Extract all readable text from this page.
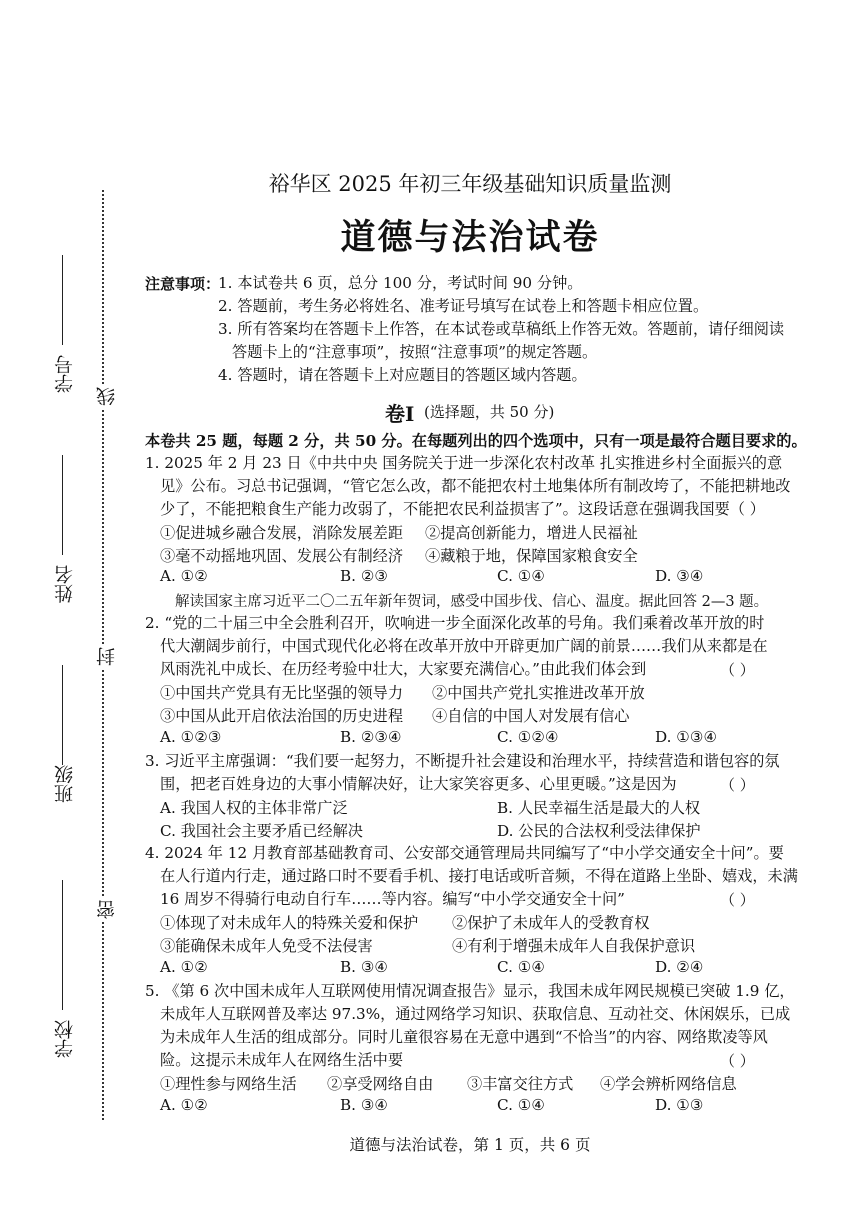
学号
姓名
班级
学校
线
封
密
裕华区 2025 年初三年级基础知识质量监测
道德与法治试卷
注意事项：
1. 本试卷共 6 页，总分 100 分，考试时间 90 分钟。
2. 答题前，考生务必将姓名、准考证号填写在试卷上和答题卡相应位置。
3. 所有答案均在答题卡上作答，在本试卷或草稿纸上作答无效。答题前，请仔细阅读
答题卡上的“注意事项”，按照“注意事项”的规定答题。
4. 答题时，请在答题卡上对应题目的答题区域内答题。
卷Ⅰ (选择题，共 50 分)
本卷共 25 题，每题 2 分，共 50 分。在每题列出的四个选项中，只有一项是最符合题目要求的。
1. 2025 年 2 月 23 日《中共中央 国务院关于进一步深化农村改革 扎实推进乡村全面振兴的意
见》公布。习总书记强调，“管它怎么改，都不能把农村土地集体所有制改垮了，不能把耕地改
少了，不能把粮食生产能力改弱了，不能把农民利益损害了”。这段话意在强调我国要（ ）
①促进城乡融合发展，消除发展差距 ②提高创新能力，增进人民福祉
③毫不动摇地巩固、发展公有制经济 ④藏粮于地，保障国家粮食安全
A. ①②	B. ②③	C. ①④	D. ③④
解读国家主席习近平二〇二五年新年贺词，感受中国步伐、信心、温度。据此回答 2—3 题。
2. “党的二十届三中全会胜利召开，吹响进一步全面深化改革的号角。我们乘着改革开放的时
代大潮阔步前行，中国式现代化必将在改革开放中开辟更加广阔的前景……我们从来都是在
风雨洗礼中成长、在历经考验中壮大，大家要充满信心。”由此我们体会到	（ ）
①中国共产党具有无比坚强的领导力 ②中国共产党扎实推进改革开放
③中国从此开启依法治国的历史进程 ④自信的中国人对发展有信心
A. ①②③	B. ②③④	C. ①②④	D. ①③④
3. 习近平主席强调：“我们要一起努力，不断提升社会建设和治理水平，持续营造和谐包容的氛
围，把老百姓身边的大事小情解决好，让大家笑容更多、心里更暖。”这是因为	（ ）
A. 我国人权的主体非常广泛	B. 人民幸福生活是最大的人权
C. 我国社会主要矛盾已经解决	D. 公民的合法权利受法律保护
4. 2024 年 12 月教育部基础教育司、公安部交通管理局共同编写了“中小学交通安全十问”。要
在人行道内行走，通过路口时不要看手机、接打电话或听音频，不得在道路上坐卧、嬉戏，未满
16 周岁不得骑行电动自行车……等内容。编写“中小学交通安全十问”	（ ）
①体现了对未成年人的特殊关爱和保护 ②保护了未成年人的受教育权
③能确保未成年人免受不法侵害	④有利于增强未成年人自我保护意识
A. ①②	B. ③④	C. ①④	D. ②④
5. 《第 6 次中国未成年人互联网使用情况调查报告》显示，我国未成年网民规模已突破 1.9 亿，
未成年人互联网普及率达 97.3%，通过网络学习知识、获取信息、互动社交、休闲娱乐，已成
为未成年人生活的组成部分。同时儿童很容易在无意中遇到“不恰当”的内容、网络欺凌等风
险。这提示未成年人在网络生活中要	（ ）
①理性参与网络生活 ②享受网络自由 ③丰富交往方式 ④学会辨析网络信息
A. ①②	B. ③④	C. ①④	D. ①③
道德与法治试卷，第 1 页，共 6 页
